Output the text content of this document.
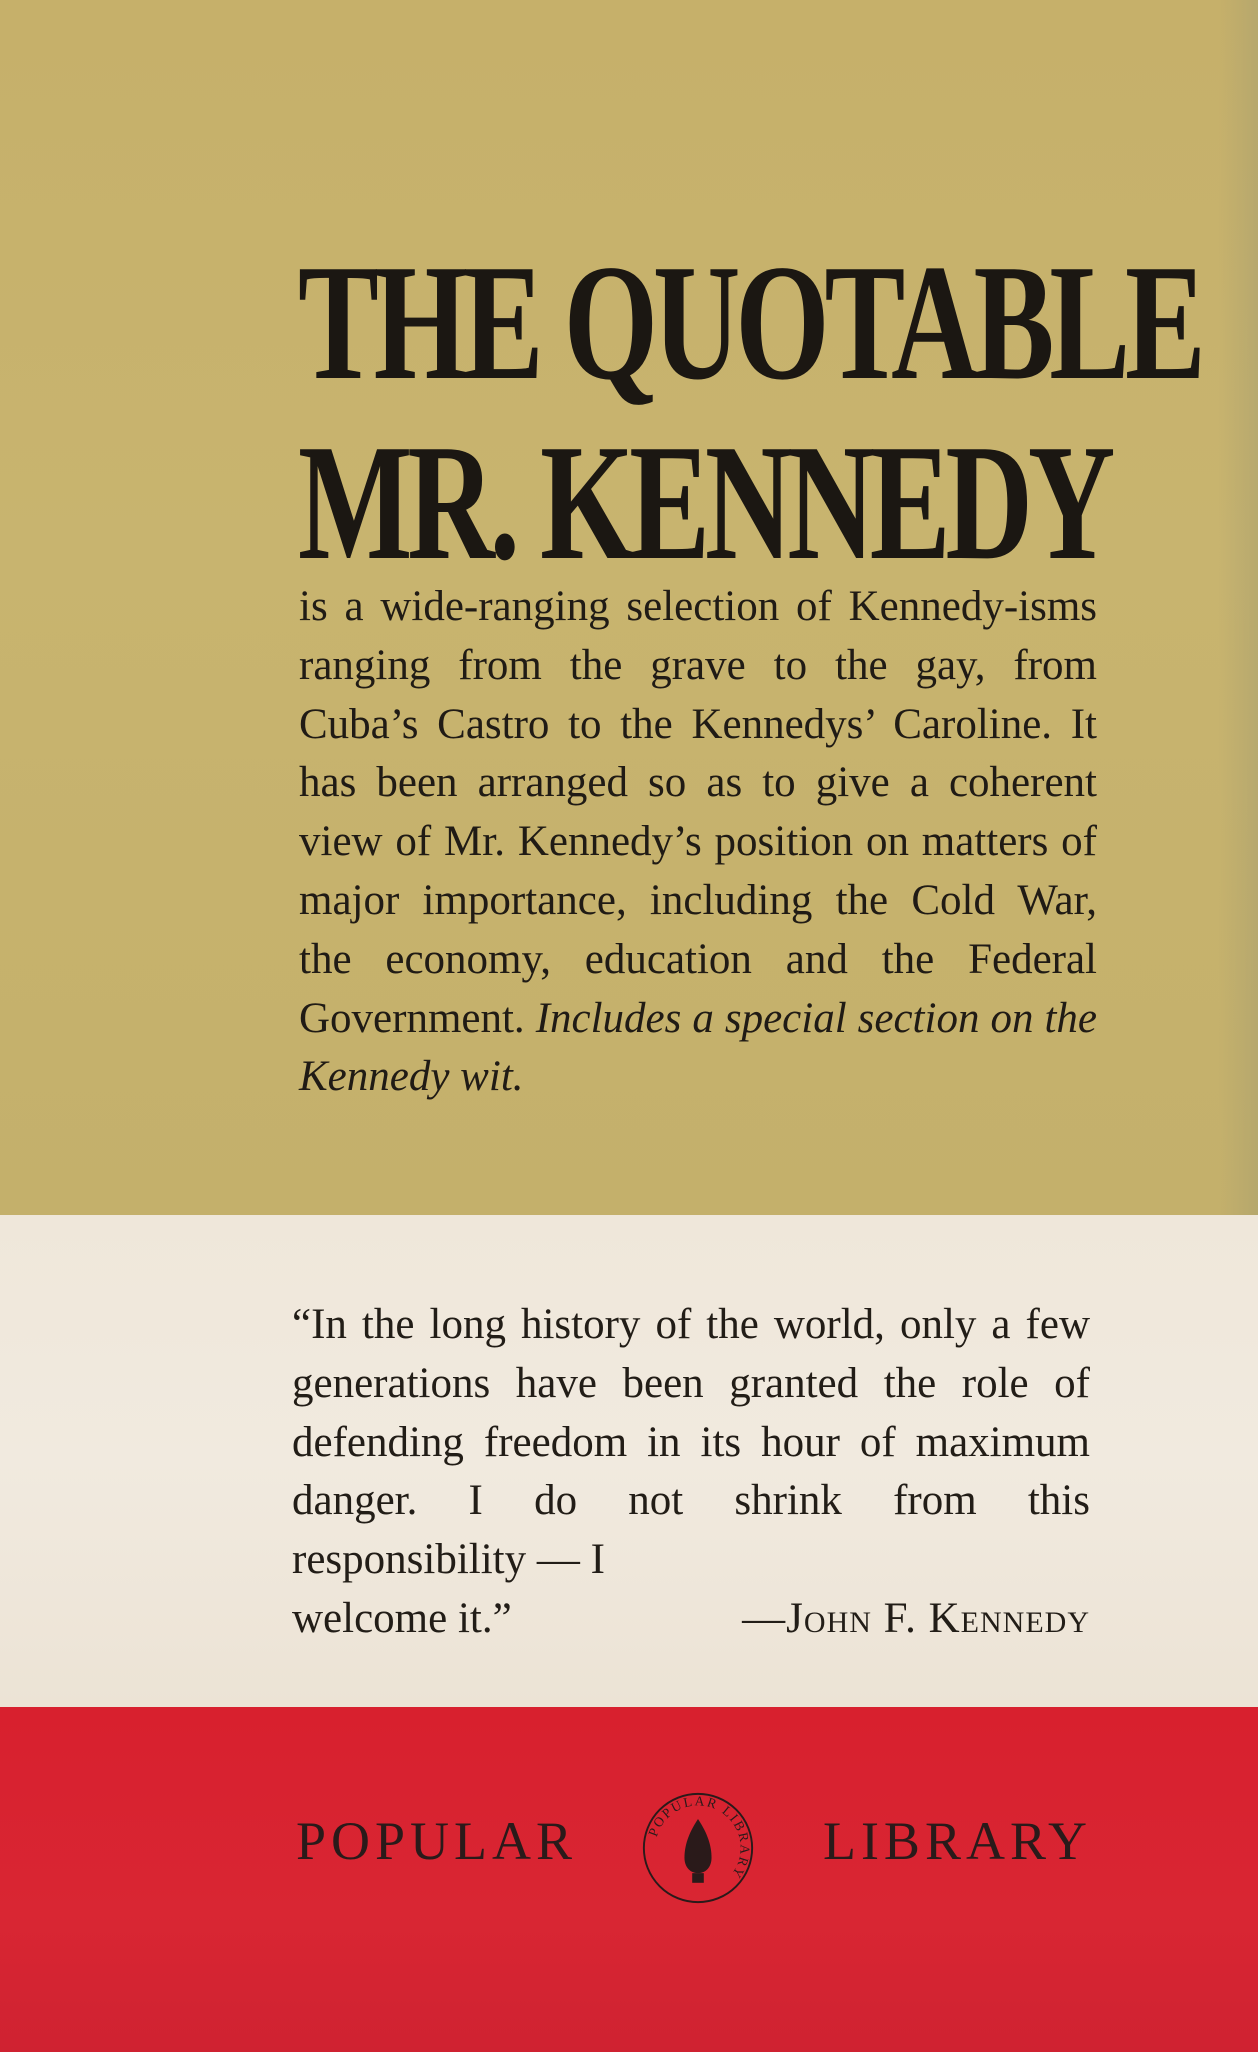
THE QUOTABLE
MR. KENNEDY

is a wide-ranging selection of Kennedy-isms ranging from the grave to the gay, from Cuba’s Castro to the Kennedys’ Caroline. It has been arranged so as to give a coherent view of Mr. Kennedy’s position on matters of major importance, including the Cold War, the economy, education and the Federal Government. Includes a special section on the Kennedy wit.

“In the long history of the world, only a few generations have been granted the role of defending freedom in its hour of maximum danger. I do not shrink from this responsibility — I

welcome it.”	—John F. Kennedy
POPULAR	POPULAR LIBRARY
LIBRARY
